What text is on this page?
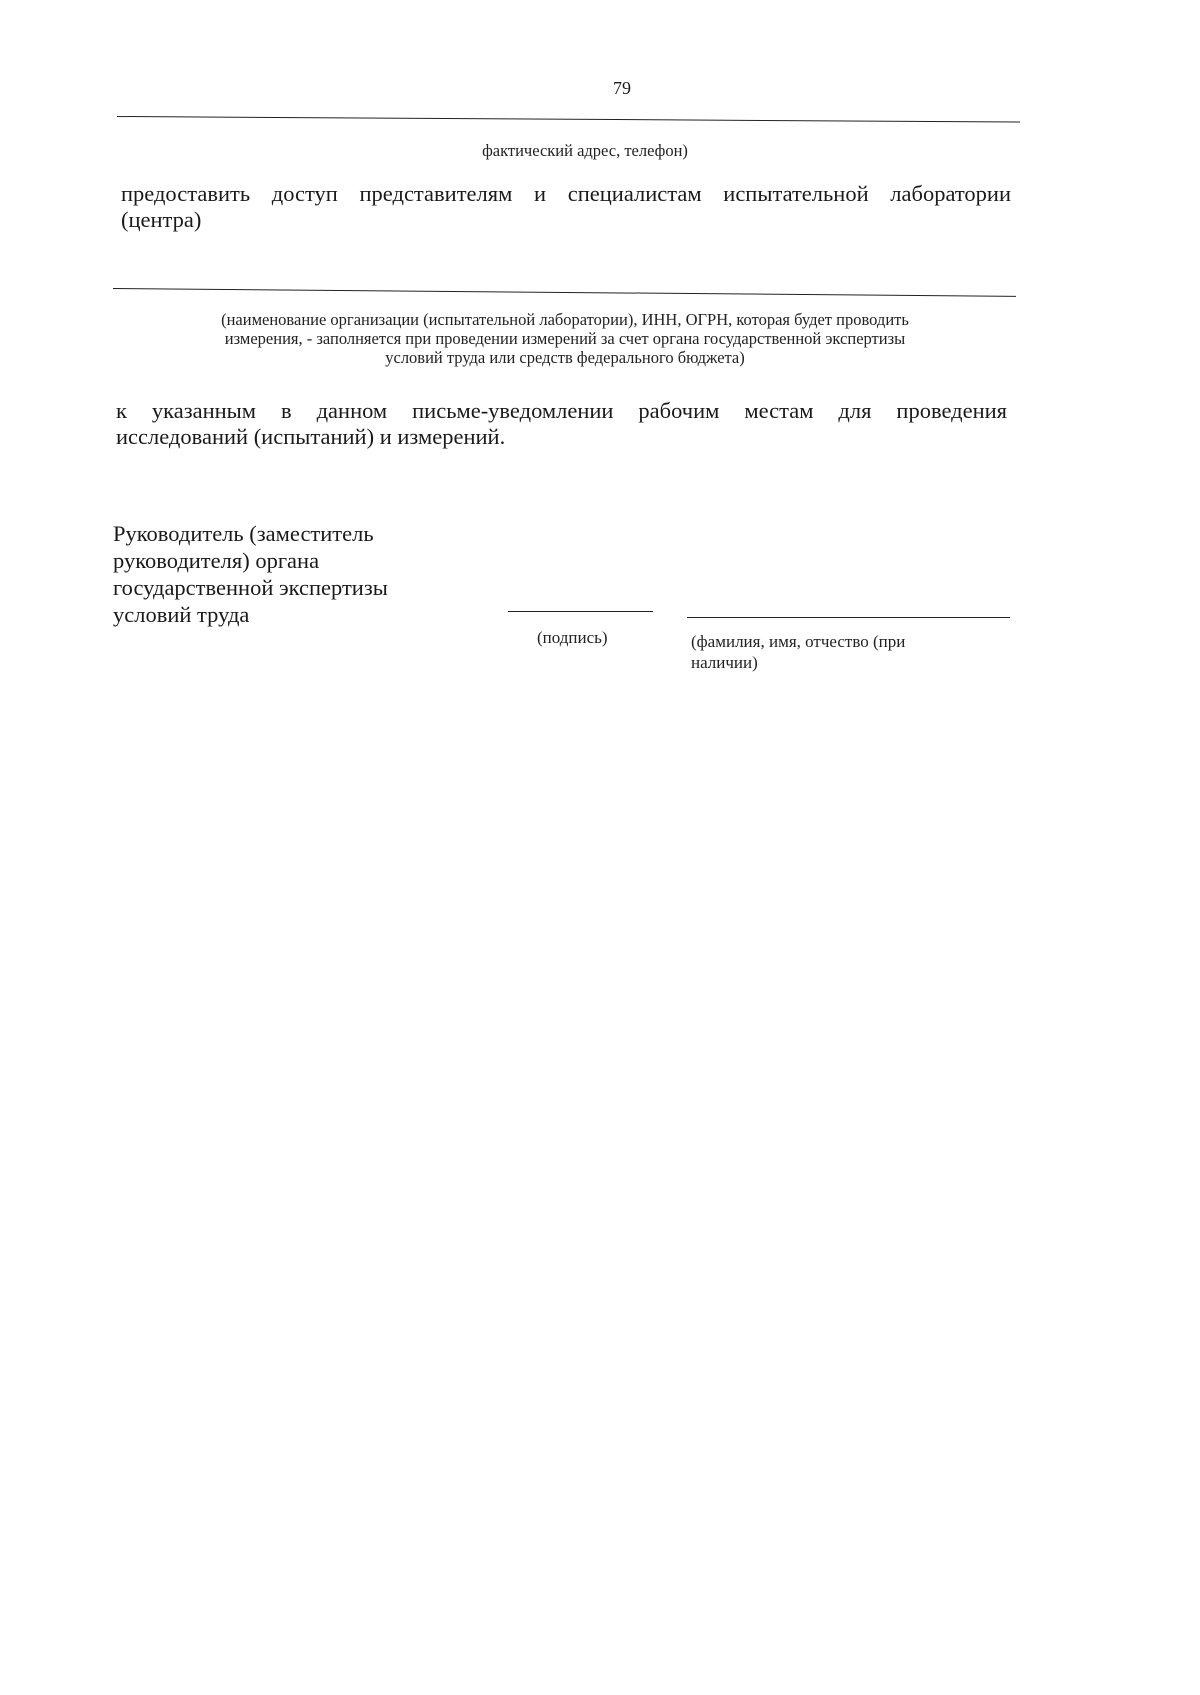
79
фактический адрес, телефон)
предоставить доступ представителям и специалистам испытательной лаборатории
(центра)
(наименование организации (испытательной лаборатории), ИНН, ОГРН, которая будет проводить
измерения, - заполняется при проведении измерений за счет органа государственной экспертизы
условий труда или средств федерального бюджета)
к указанным в данном письме-уведомлении рабочим местам для проведения
исследований (испытаний) и измерений.
Руководитель (заместитель
руководителя) органа
государственной экспертизы
условий труда
(подпись)	(фамилия, имя, отчество (при
наличии)
